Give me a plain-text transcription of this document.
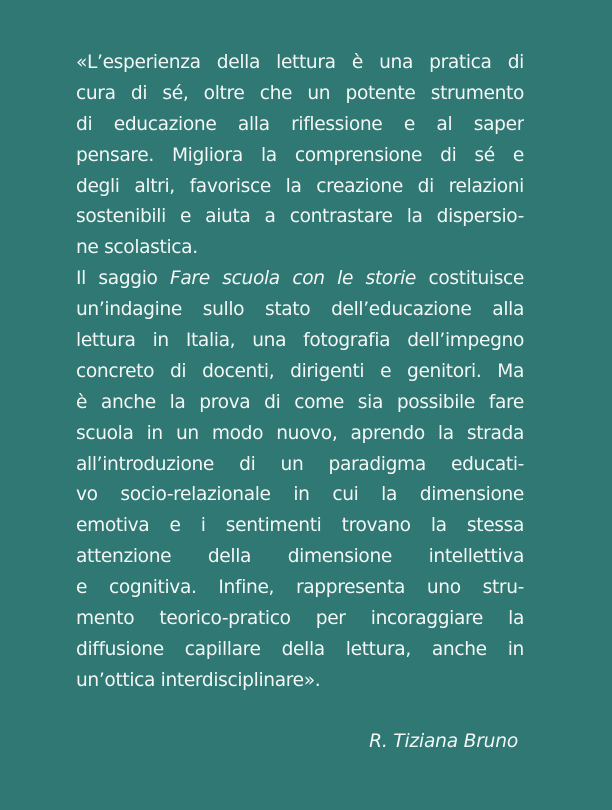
«L’esperienza della lettura è una pratica di
cura di sé, oltre che un potente strumento
di educazione alla riflessione e al saper
pensare. Migliora la comprensione di sé e
degli altri, favorisce la creazione di relazioni
sostenibili e aiuta a contrastare la dispersio-
ne scolastica.
Il saggio Fare scuola con le storie costituisce
un’indagine sullo stato dell’educazione alla
lettura in Italia, una fotografia dell’impegno
concreto di docenti, dirigenti e genitori. Ma
è anche la prova di come sia possibile fare
scuola in un modo nuovo, aprendo la strada
all’introduzione di un paradigma educati-
vo socio-relazionale in cui la dimensione
emotiva e i sentimenti trovano la stessa
attenzione della dimensione intellettiva
e cognitiva. Infine, rappresenta uno stru-
mento teorico-pratico per incoraggiare la
diffusione capillare della lettura, anche in
un’ottica interdisciplinare».
R. Tiziana Bruno
